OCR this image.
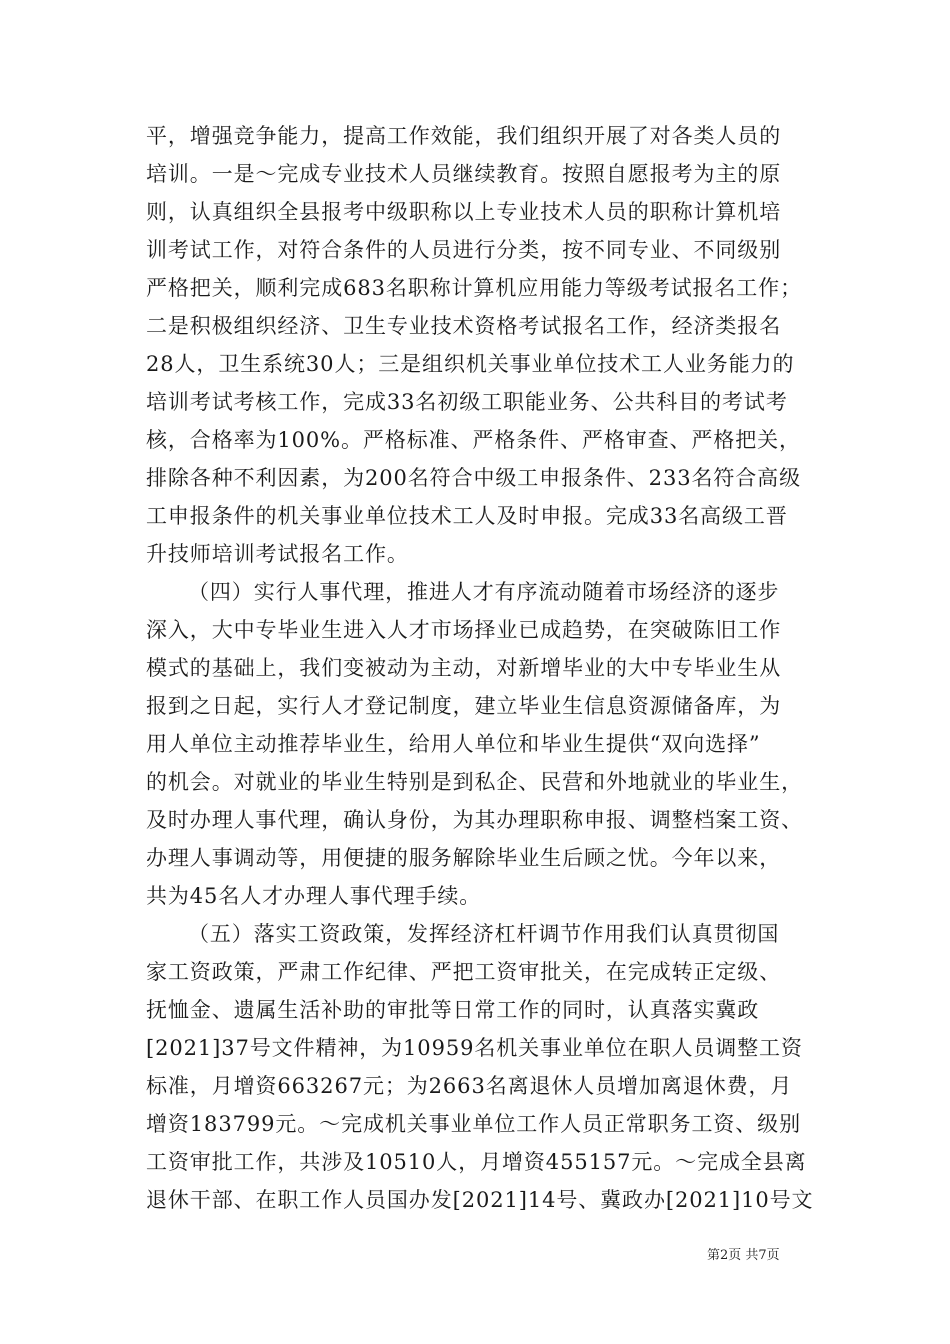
平，增强竞争能力，提高工作效能，我们组织开展了对各类人员的
培训。一是～完成专业技术人员继续教育。按照自愿报考为主的原
则，认真组织全县报考中级职称以上专业技术人员的职称计算机培
训考试工作，对符合条件的人员进行分类，按不同专业、不同级别
严格把关，顺利完成683名职称计算机应用能力等级考试报名工作；
二是积极组织经济、卫生专业技术资格考试报名工作，经济类报名
28人，卫生系统30人；三是组织机关事业单位技术工人业务能力的
培训考试考核工作，完成33名初级工职能业务、公共科目的考试考
核，合格率为100%。严格标准、严格条件、严格审查、严格把关，
排除各种不利因素，为200名符合中级工申报条件、233名符合高级
工申报条件的机关事业单位技术工人及时申报。完成33名高级工晋
升技师培训考试报名工作。
（四）实行人事代理，推进人才有序流动随着市场经济的逐步
深入，大中专毕业生进入人才市场择业已成趋势，在突破陈旧工作
模式的基础上，我们变被动为主动，对新增毕业的大中专毕业生从
报到之日起，实行人才登记制度，建立毕业生信息资源储备库，为
用人单位主动推荐毕业生，给用人单位和毕业生提供“双向选择”
的机会。对就业的毕业生特别是到私企、民营和外地就业的毕业生，
及时办理人事代理，确认身份，为其办理职称申报、调整档案工资、
办理人事调动等，用便捷的服务解除毕业生后顾之忧。今年以来，
共为45名人才办理人事代理手续。
（五）落实工资政策，发挥经济杠杆调节作用我们认真贯彻国
家工资政策，严肃工作纪律、严把工资审批关，在完成转正定级、
抚恤金、遗属生活补助的审批等日常工作的同时，认真落实冀政
[2021]37号文件精神，为10959名机关事业单位在职人员调整工资
标准，月增资663267元；为2663名离退休人员增加离退休费，月
增资183799元。～完成机关事业单位工作人员正常职务工资、级别
工资审批工作，共涉及10510人，月增资455157元。～完成全县离
退休干部、在职工作人员国办发[2021]14号、冀政办[2021]10号文
第2页 共7页
